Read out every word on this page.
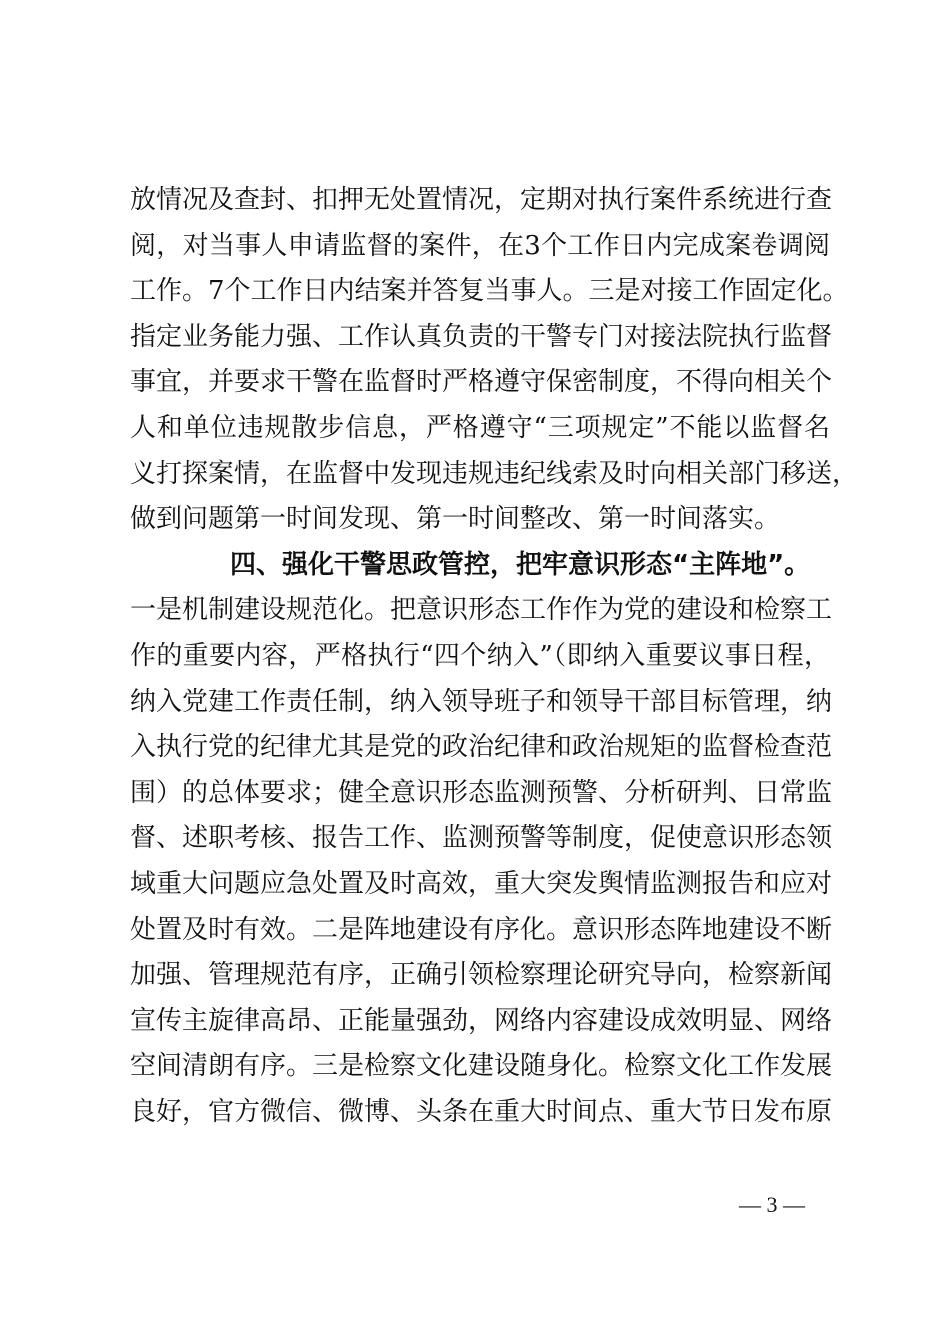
放情况及查封、扣押无处置情况，定期对执行案件系统进行查
阅，对当事人申请监督的案件，在3个工作日内完成案卷调阅
工作。7个工作日内结案并答复当事人。三是对接工作固定化。
指定业务能力强、工作认真负责的干警专门对接法院执行监督
事宜，并要求干警在监督时严格遵守保密制度，不得向相关个
人和单位违规散步信息，严格遵守“三项规定”不能以监督名
义打探案情，在监督中发现违规违纪线索及时向相关部门移送，
做到问题第一时间发现、第一时间整改、第一时间落实。
四、强化干警思政管控，把牢意识形态“主阵地”。
一是机制建设规范化。把意识形态工作作为党的建设和检察工
作的重要内容，严格执行“四个纳入”（即纳入重要议事日程，
纳入党建工作责任制，纳入领导班子和领导干部目标管理，纳
入执行党的纪律尤其是党的政治纪律和政治规矩的监督检查范
围）的总体要求；健全意识形态监测预警、分析研判、日常监
督、述职考核、报告工作、监测预警等制度，促使意识形态领
域重大问题应急处置及时高效，重大突发舆情监测报告和应对
处置及时有效。二是阵地建设有序化。意识形态阵地建设不断
加强、管理规范有序，正确引领检察理论研究导向，检察新闻
宣传主旋律高昂、正能量强劲，网络内容建设成效明显、网络
空间清朗有序。三是检察文化建设随身化。检察文化工作发展
良好，官方微信、微博、头条在重大时间点、重大节日发布原
— 3 —
